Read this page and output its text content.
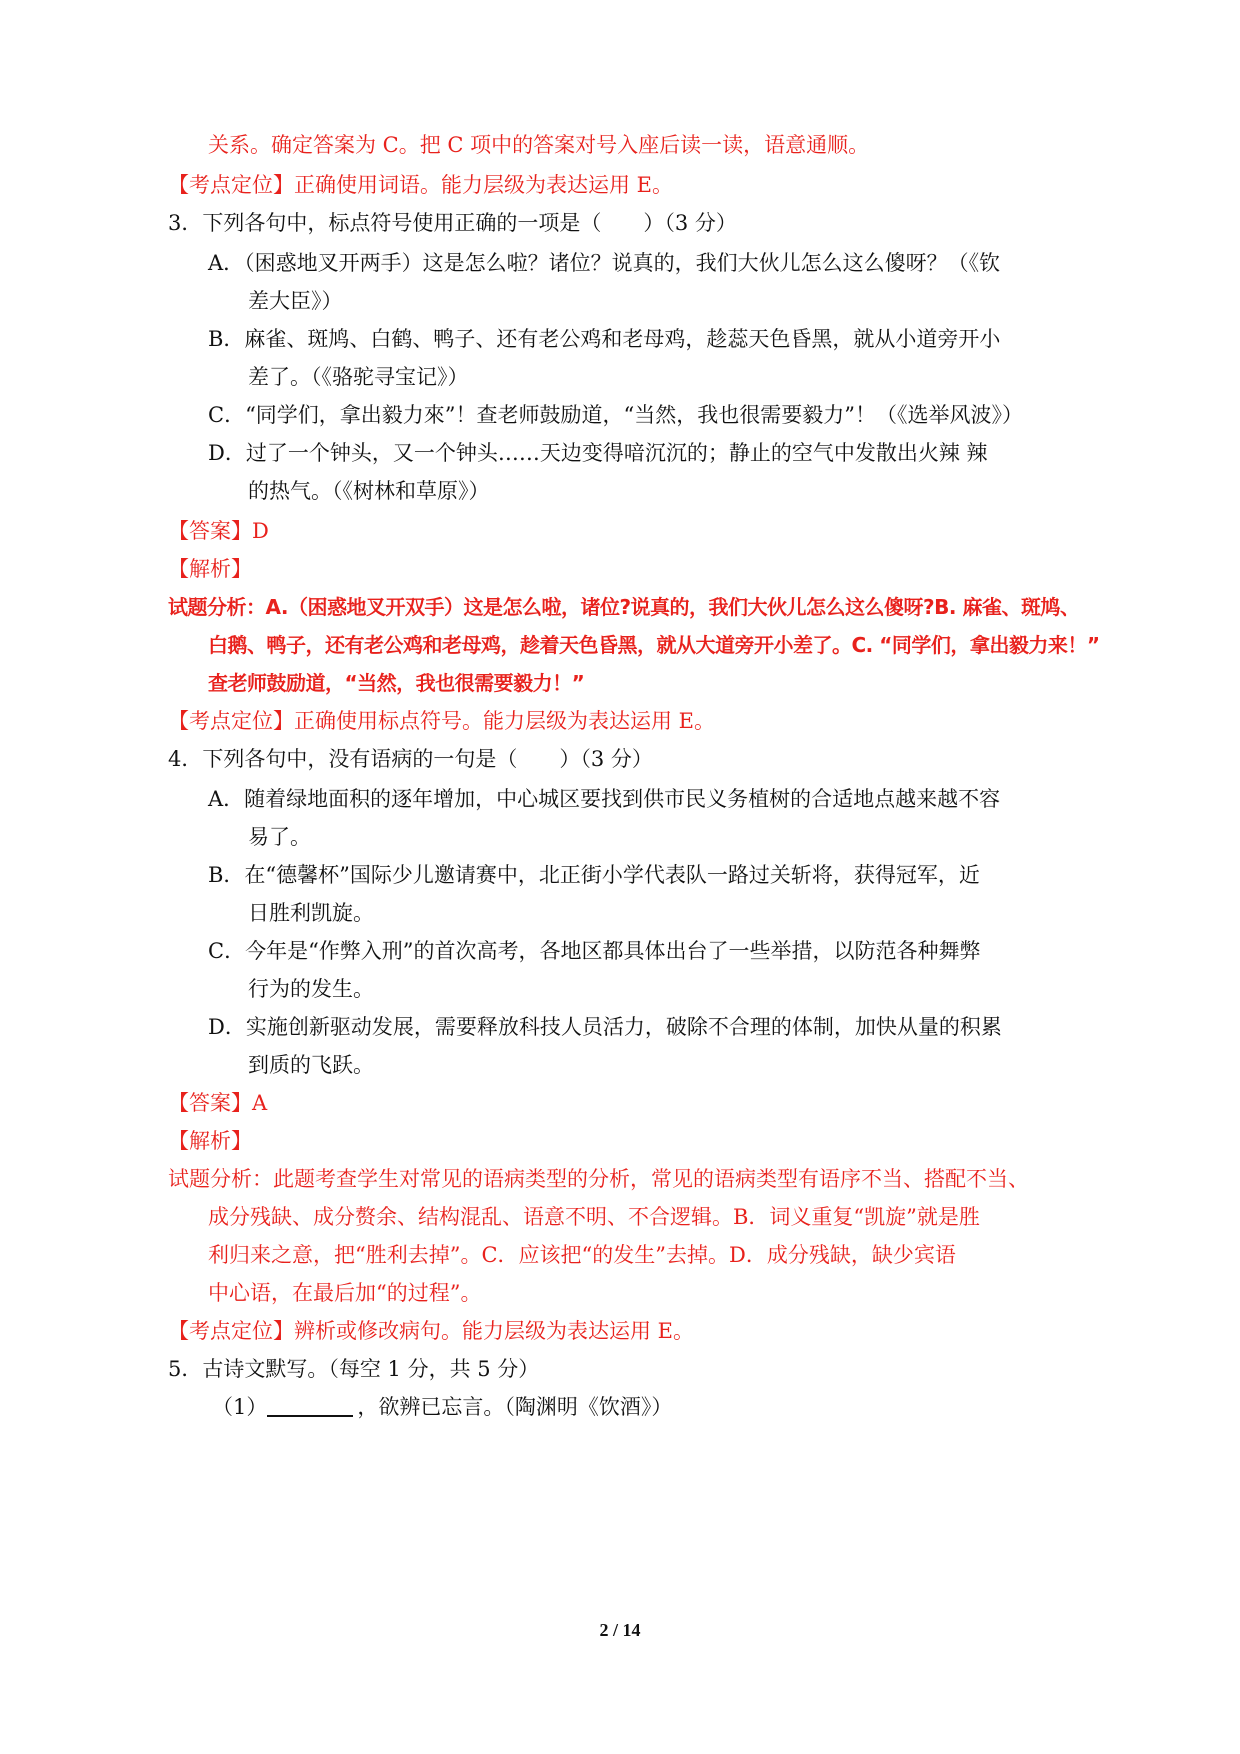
关系。确定答案为 C。把 C 项中的答案对号入座后读一读，语意通顺。
【考点定位】正确使用词语。能力层级为表达运用 E。
3．下列各句中，标点符号使用正确的一项是（　　）（3 分）
A．（困惑地叉开两手）这是怎么啦？诸位？说真的，我们大伙儿怎么这么傻呀？（《钦
差大臣》）
B．麻雀、斑鸠、白鹤、鸭子、还有老公鸡和老母鸡，趁蕊天色昏黑，就从小道旁开小
差了。（《骆驼寻宝记》）
C．“同学们，拿出毅力來”！查老师鼓励道，“当然，我也很需要毅力”！（《选举风波》）
D．过了一个钟头，又一个钟头……天边变得喑沉沉的；静止的空气中发散出火辣 辣
的热气。（《树林和草原》）
【答案】D
【解析】
试题分析：A.（困惑地叉开双手）这是怎么啦，诸位?说真的，我们大伙儿怎么这么傻呀?B. 麻雀、斑鸠、
白鹅、鸭子，还有老公鸡和老母鸡，趁着天色昏黑，就从大道旁开小差了。C. “同学们，拿出毅力来！”
查老师鼓励道，“当然，我也很需要毅力！”
【考点定位】正确使用标点符号。能力层级为表达运用 E。
4．下列各句中，没有语病的一句是（　　）（3 分）
A．随着绿地面积的逐年增加，中心城区要找到供市民义务植树的合适地点越来越不容
易了。
B．在“德馨杯”国际少儿邀请赛中，北正街小学代表队一路过关斩将，获得冠军，近
日胜利凯旋。
C．今年是“作弊入刑”的首次高考，各地区都具体出台了一些举措，以防范各种舞弊
行为的发生。
D．实施创新驱动发展，需要释放科技人员活力，破除不合理的体制，加快从量的积累
到质的飞跃。
【答案】A
【解析】
试题分析：此题考查学生对常见的语病类型的分析，常见的语病类型有语序不当、搭配不当、
成分残缺、成分赘余、结构混乱、语意不明、不合逻辑。B．词义重复“凯旋”就是胜
利归来之意，把“胜利去掉”。C．应该把“的发生”去掉。D．成分残缺，缺少宾语
中心语，在最后加“的过程”。
【考点定位】辨析或修改病句。能力层级为表达运用 E。
5．古诗文默写。（每空 1 分，共 5 分）
（1）	，欲辨已忘言。（陶渊明《饮酒》）
2 / 14
